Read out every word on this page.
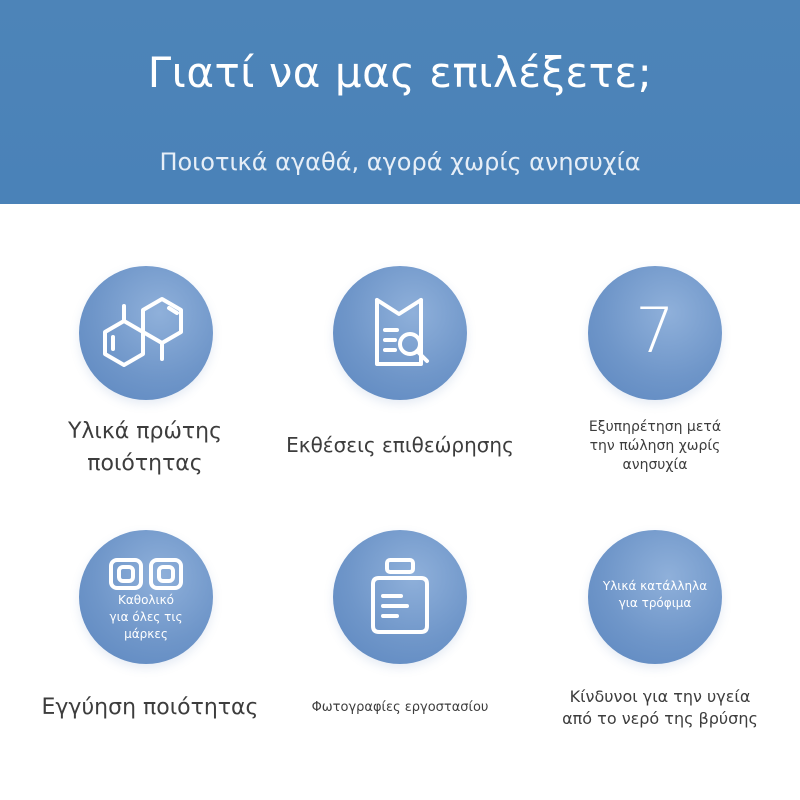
Γιατί να μας επιλέξετε;
Ποιοτικά αγαθά, αγορά χωρίς ανησυχία
Υλικά πρώτης
ποιότητας
Εκθέσεις επιθεώρησης
7
Εξυπηρέτηση μετά
την πώληση χωρίς
ανησυχία
Καθολικό
για όλες τις
μάρκες
Εγγύηση ποιότητας	Φωτογραφίες εργοστασίου
Υλικά κατάλληλα
για τρόφιμα
Κίνδυνοι για την υγεία
από το νερό της βρύσης
